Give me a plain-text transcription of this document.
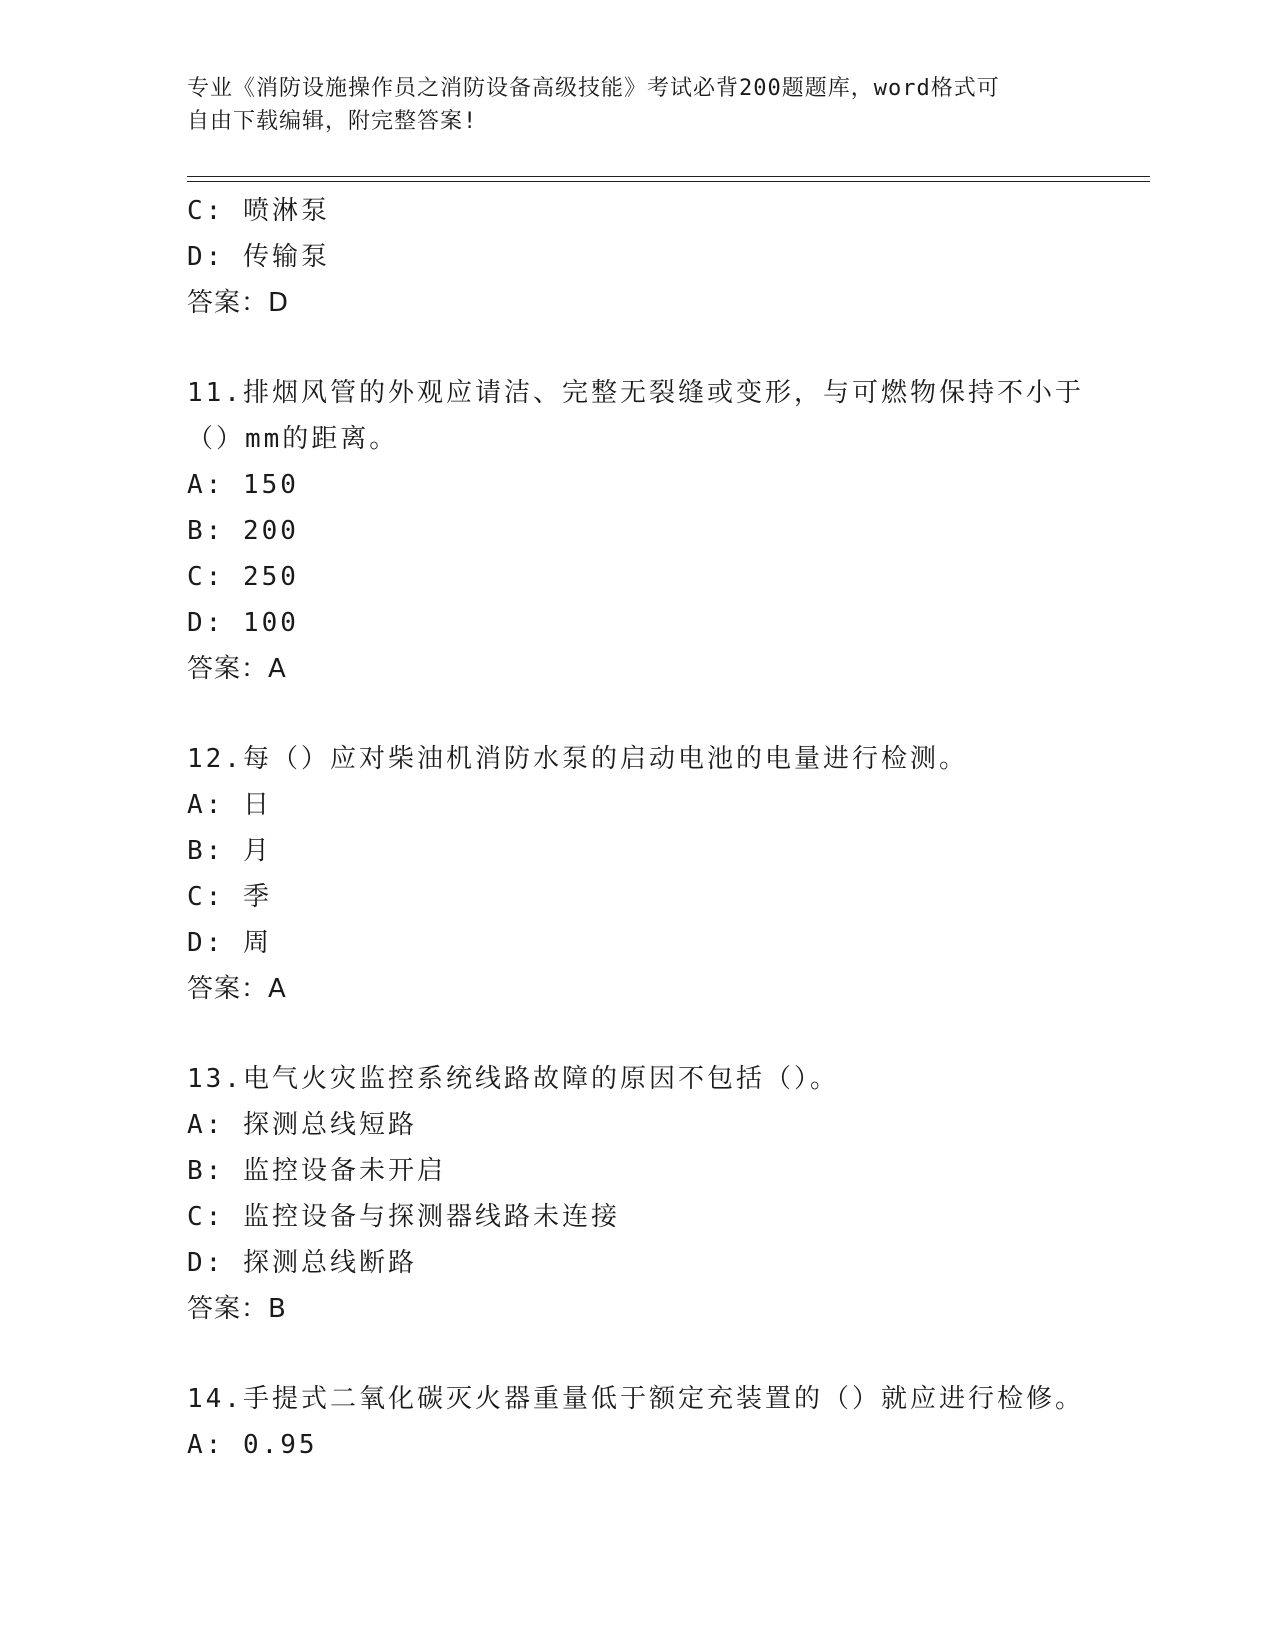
专业《消防设施操作员之消防设备高级技能》考试必背200题题库，word格式可
自由下载编辑，附完整答案!
C: 喷淋泵
D: 传输泵
答案：D
11.排烟风管的外观应请洁、完整无裂缝或变形，与可燃物保持不小于
（）mm的距离。
A: 150
B: 200
C: 250
D: 100
答案：A
12.每（）应对柴油机消防水泵的启动电池的电量进行检测。
A: 日
B: 月
C: 季
D: 周
答案：A
13.电气火灾监控系统线路故障的原因不包括（）。
A: 探测总线短路
B: 监控设备未开启
C: 监控设备与探测器线路未连接
D: 探测总线断路
答案：B
14.手提式二氧化碳灭火器重量低于额定充装置的（）就应进行检修。
A: 0.95
